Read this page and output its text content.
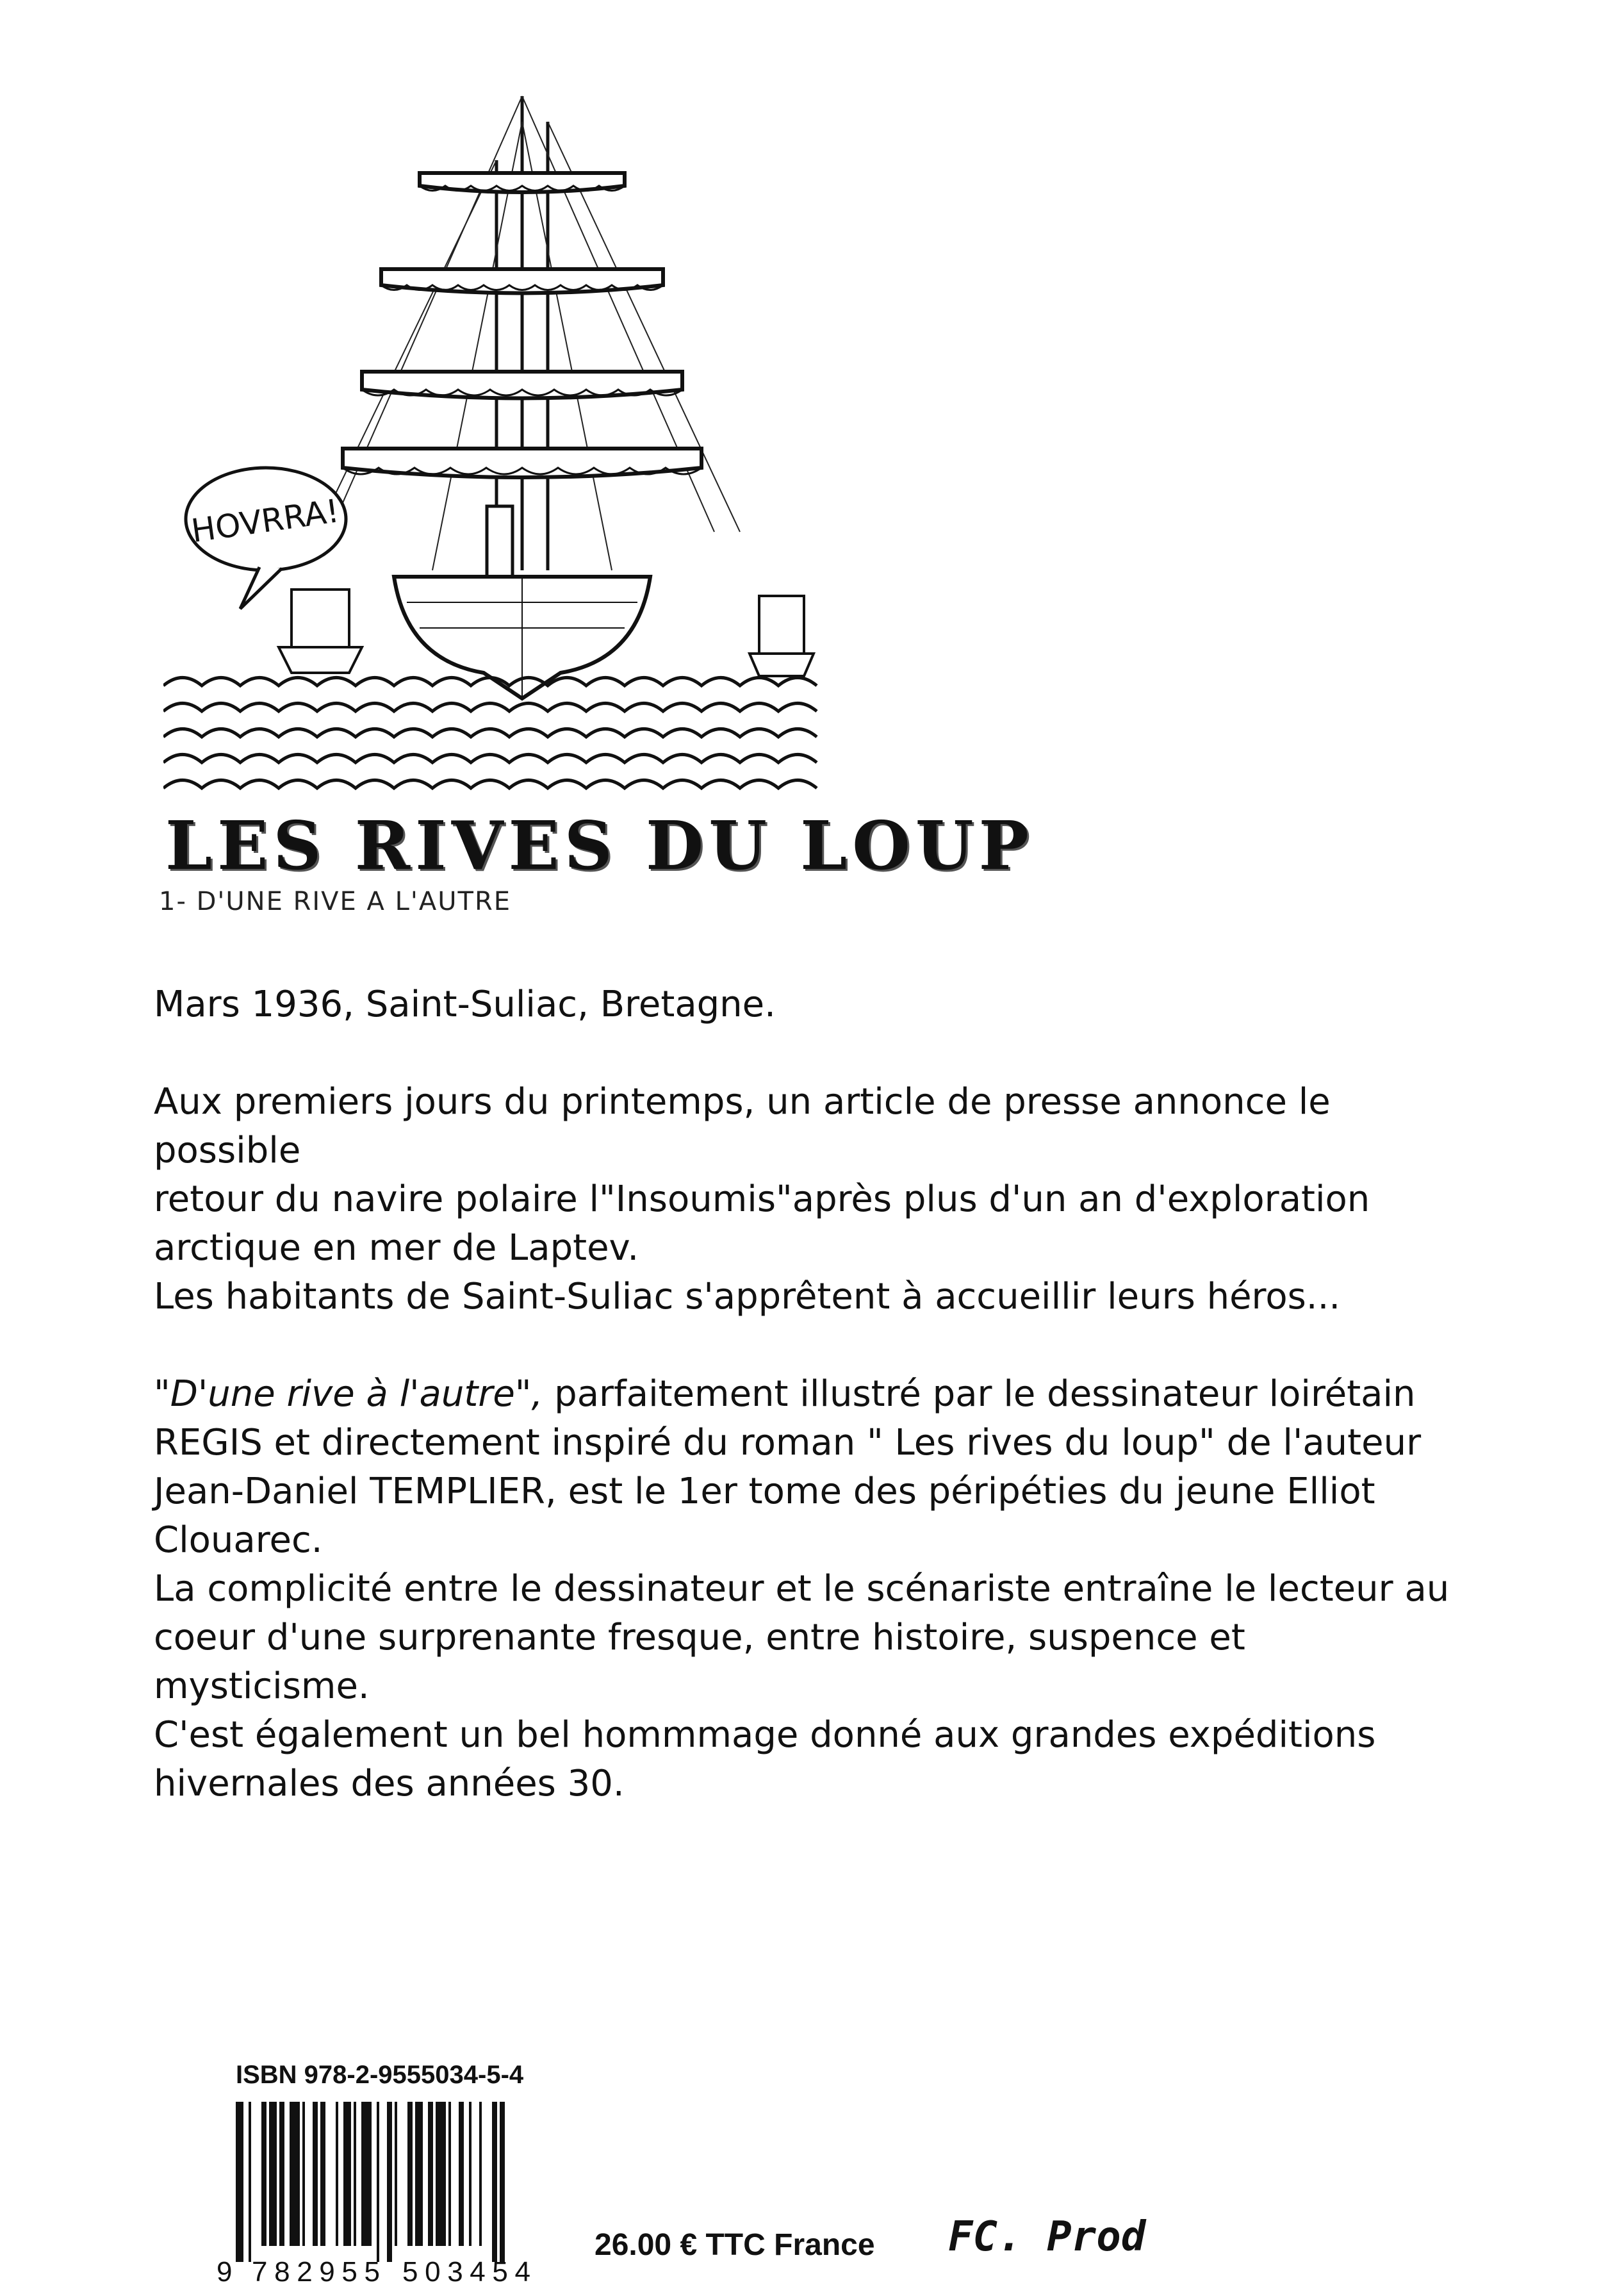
HOVRRA!
LES RIVES DU LOUP

1- D'UNE RIVE A L'AUTRE

Mars 1936, Saint-Suliac, Bretagne.

Aux premiers jours du printemps, un article de presse annonce le possible

retour du navire polaire l"Insoumis"après plus d'un an d'exploration

arctique en mer de Laptev.

Les habitants de Saint-Suliac s'apprêtent à accueillir leurs héros...

"D'une rive à l'autre", parfaitement illustré par le dessinateur loirétain

REGIS et directement inspiré du roman " Les rives du loup" de l'auteur

Jean-Daniel TEMPLIER, est le 1er tome des péripéties du jeune Elliot

Clouarec.

La complicité entre le dessinateur et le scénariste entraîne le lecteur au

coeur d'une surprenante fresque, entre histoire, suspence et mysticisme.

C'est également un bel hommmage donné aux grandes expéditions

hivernales des années 30.

ISBN 978-2-9555034-5-4

9 782955 503454

26.00 € TTC France FC. Prod
